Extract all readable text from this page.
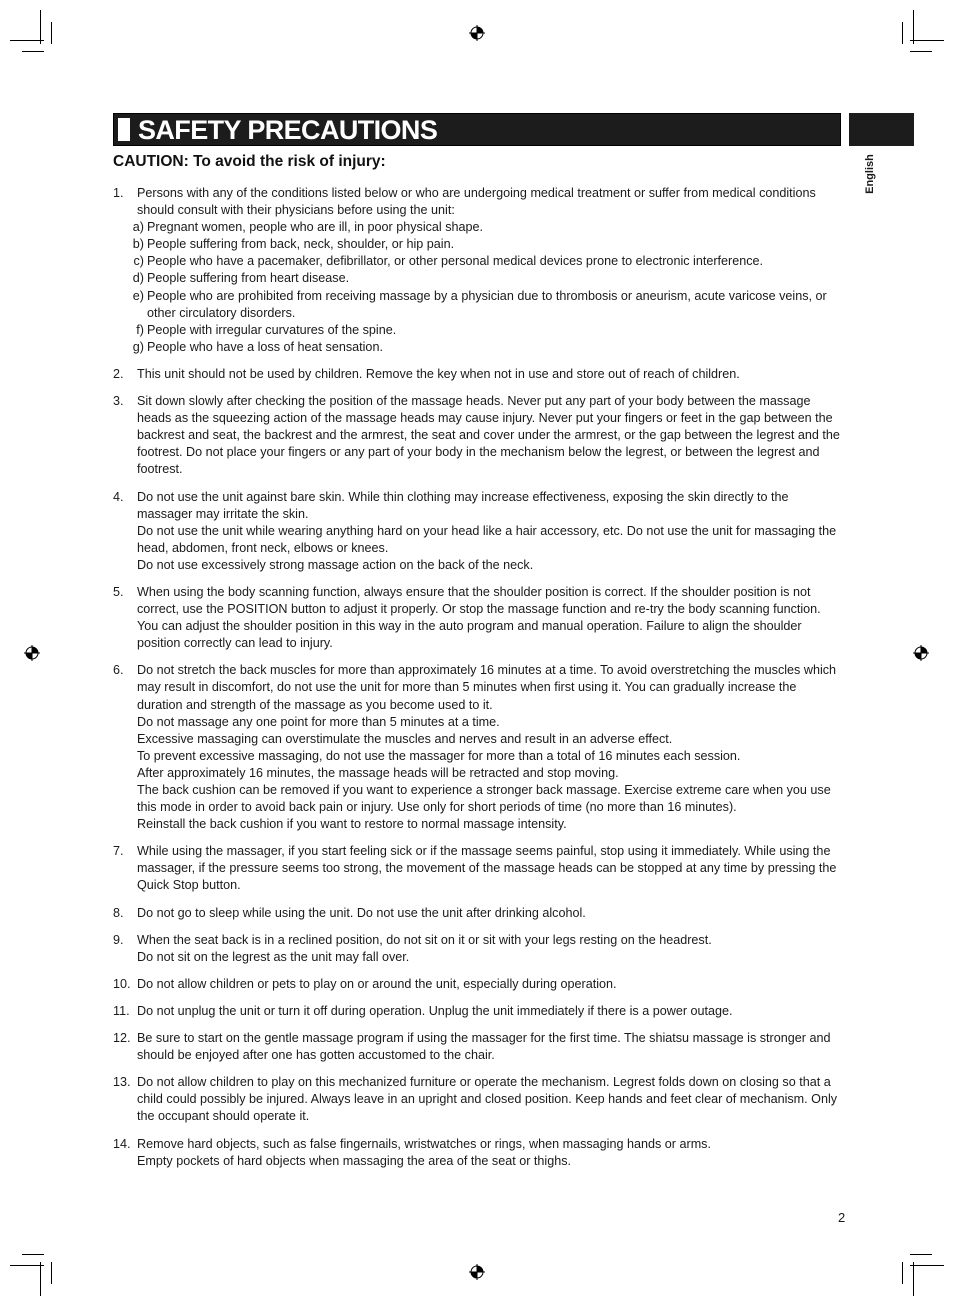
SAFETY PRECAUTIONS
English
CAUTION: To avoid the risk of injury:
1. Persons with any of the conditions listed below or who are undergoing medical treatment or suffer from medical conditions should consult with their physicians before using the unit:

a) Pregnant women, people who are ill, in poor physical shape.
b) People suffering from back, neck, shoulder, or hip pain.
c) People who have a pacemaker, defibrillator, or other personal medical devices prone to electronic interference.
d) People suffering from heart disease.
e) People who are prohibited from receiving massage by a physician due to thrombosis or aneurism, acute varicose veins, or other circulatory disorders.
f) People with irregular curvatures of the spine.
g) People who have a loss of heat sensation.
2. This unit should not be used by children. Remove the key when not in use and store out of reach of children.

3. Sit down slowly after checking the position of the massage heads. Never put any part of your body between the massage heads as the squeezing action of the massage heads may cause injury. Never put your fingers or feet in the gap between the backrest and seat, the backrest and the armrest, the seat and cover under the armrest, or the gap between the legrest and the footrest. Do not place your fingers or any part of your body in the mechanism below the legrest, or between the legrest and footrest.

4. Do not use the unit against bare skin. While thin clothing may increase effectiveness, exposing the skin directly to the massager may irritate the skin.

Do not use the unit while wearing anything hard on your head like a hair accessory, etc. Do not use the unit for massaging the head, abdomen, front neck, elbows or knees.

Do not use excessively strong massage action on the back of the neck.

5. When using the body scanning function, always ensure that the shoulder position is correct. If the shoulder position is not correct, use the POSITION button to adjust it properly. Or stop the massage function and re-try the body scanning function. You can adjust the shoulder position in this way in the auto program and manual operation. Failure to align the shoulder position correctly can lead to injury.

6. Do not stretch the back muscles for more than approximately 16 minutes at a time. To avoid overstretching the muscles which may result in discomfort, do not use the unit for more than 5 minutes when first using it. You can gradually increase the duration and strength of the massage as you become used to it.

Do not massage any one point for more than 5 minutes at a time.

Excessive massaging can overstimulate the muscles and nerves and result in an adverse effect.

To prevent excessive massaging, do not use the massager for more than a total of 16 minutes each session.

After approximately 16 minutes, the massage heads will be retracted and stop moving.

The back cushion can be removed if you want to experience a stronger back massage. Exercise extreme care when you use this mode in order to avoid back pain or injury. Use only for short periods of time (no more than 16 minutes).

Reinstall the back cushion if you want to restore to normal massage intensity.

7. While using the massager, if you start feeling sick or if the massage seems painful, stop using it immediately. While using the massager, if the pressure seems too strong, the movement of the massage heads can be stopped at any time by pressing the Quick Stop button.

8. Do not go to sleep while using the unit. Do not use the unit after drinking alcohol.

9. When the seat back is in a reclined position, do not sit on it or sit with your legs resting on the headrest.

Do not sit on the legrest as the unit may fall over.

10. Do not allow children or pets to play on or around the unit, especially during operation.

11. Do not unplug the unit or turn it off during operation. Unplug the unit immediately if there is a power outage.

12. Be sure to start on the gentle massage program if using the massager for the first time. The shiatsu massage is stronger and should be enjoyed after one has gotten accustomed to the chair.

13. Do not allow children to play on this mechanized furniture or operate the mechanism. Legrest folds down on closing so that a child could possibly be injured. Always leave in an upright and closed position. Keep hands and feet clear of mechanism. Only the occupant should operate it.

14. Remove hard objects, such as false fingernails, wristwatches or rings, when massaging hands or arms.

Empty pockets of hard objects when massaging the area of the seat or thighs.

2
